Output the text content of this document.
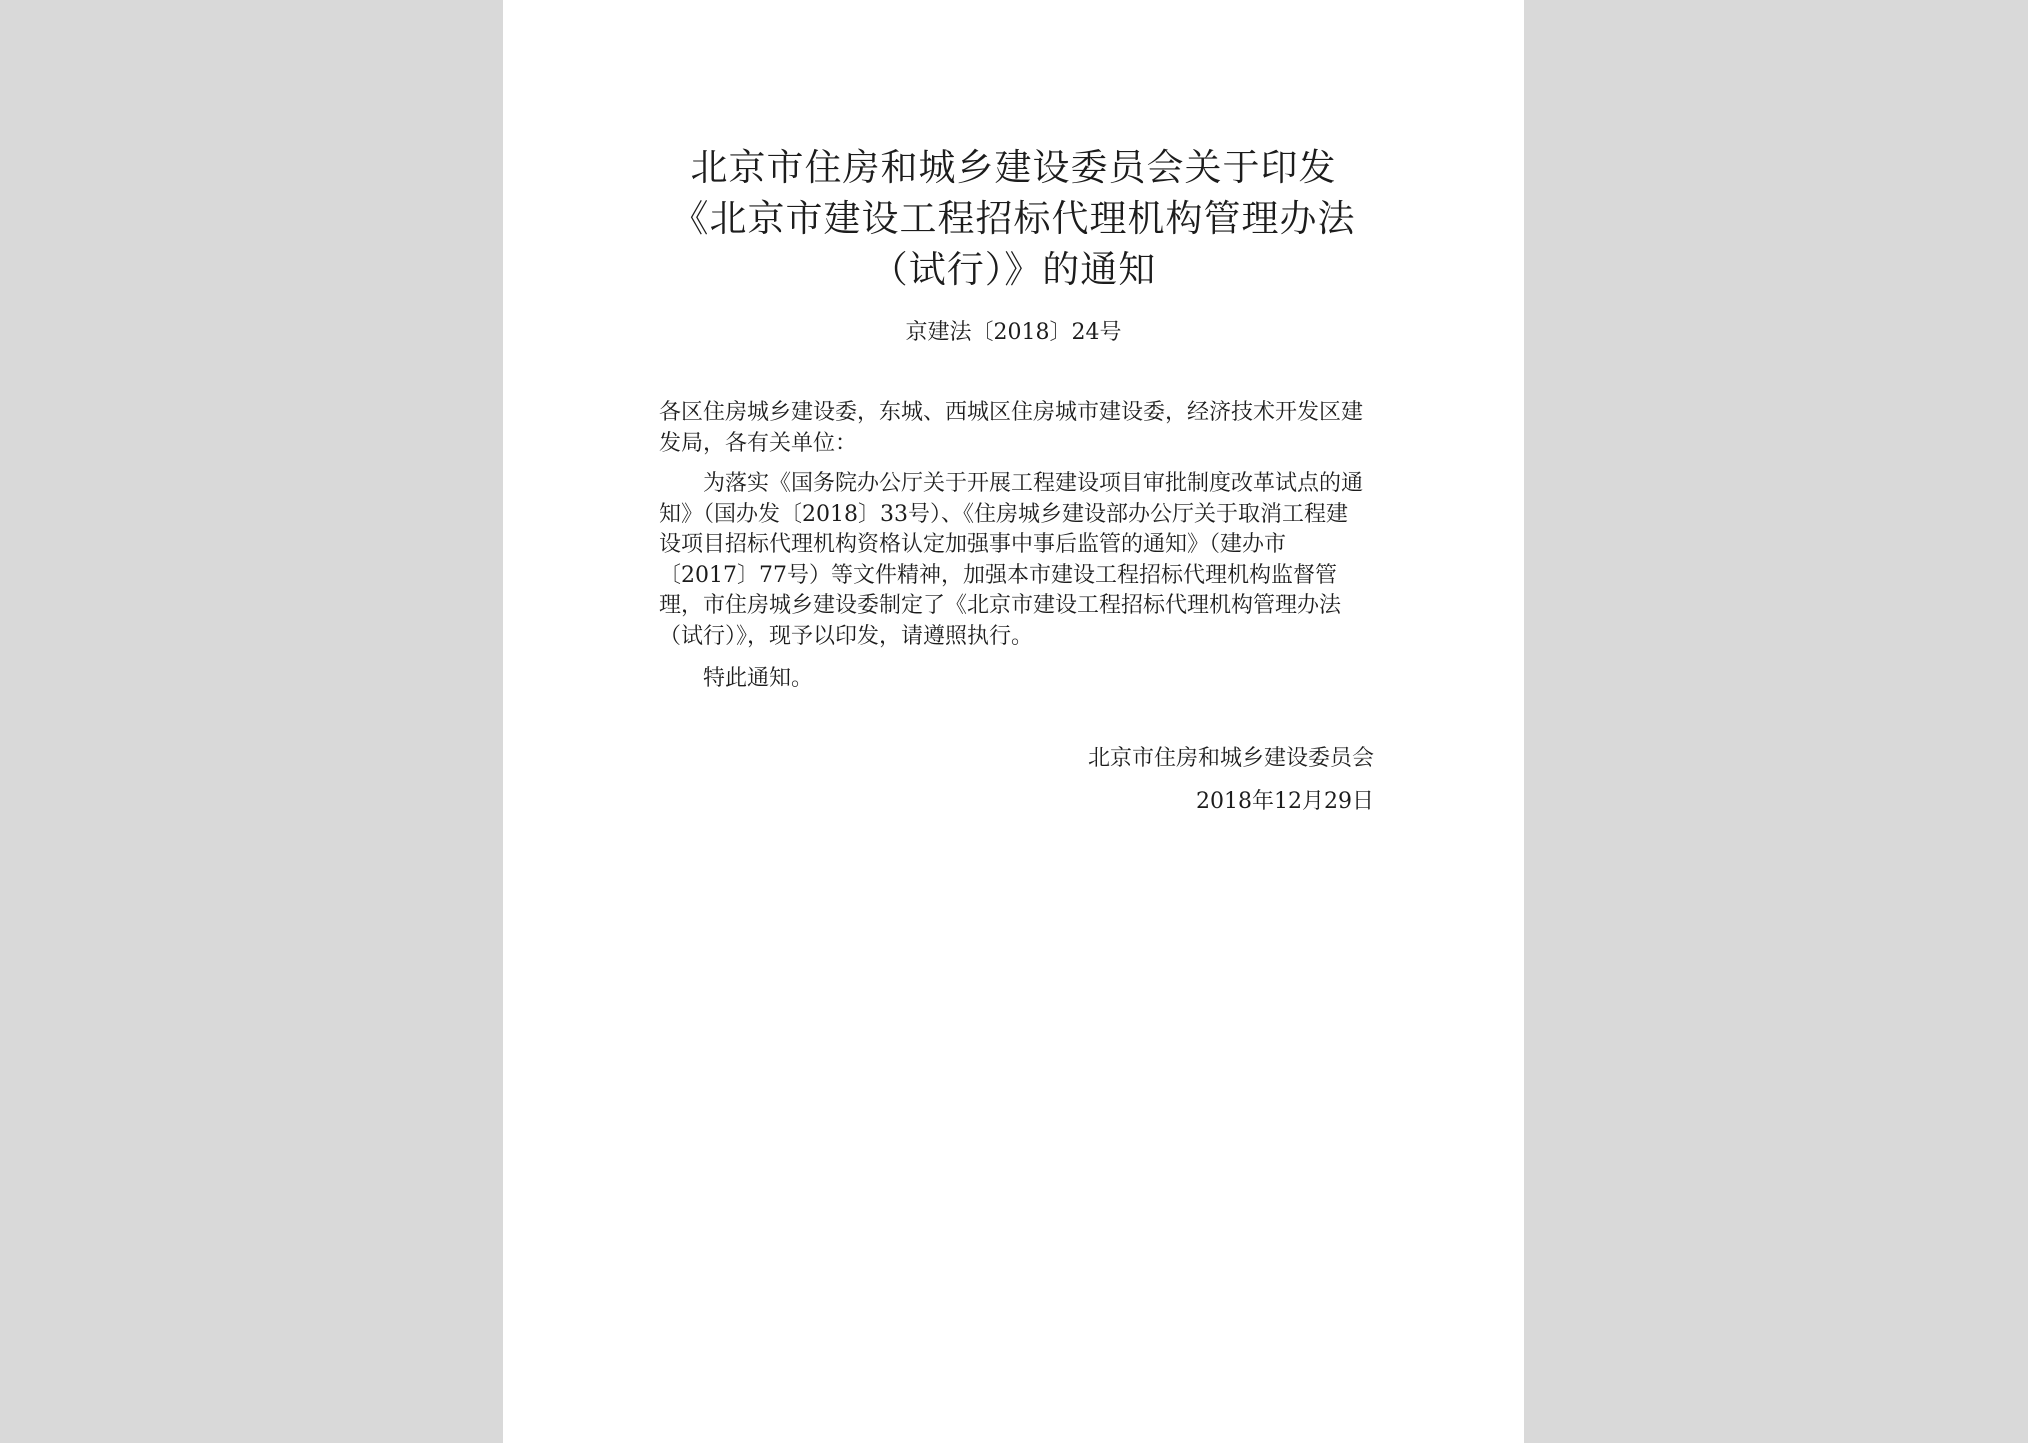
北京市住房和城乡建设委员会关于印发
《北京市建设工程招标代理机构管理办法
（试行）》的通知
京建法〔2018〕24号

各区住房城乡建设委，东城、西城区住房城市建设委，经济技术开发区建发局，各有关单位：

为落实《国务院办公厅关于开展工程建设项目审批制度改革试点的通知》（国办发〔2018〕33号）、《住房城乡建设部办公厅关于取消工程建设项目招标代理机构资格认定加强事中事后监管的通知》（建办市〔2017〕77号）等文件精神，加强本市建设工程招标代理机构监督管理，市住房城乡建设委制定了《北京市建设工程招标代理机构管理办法（试行）》，现予以印发，请遵照执行。

特此通知。

北京市住房和城乡建设委员会
2018年12月29日
